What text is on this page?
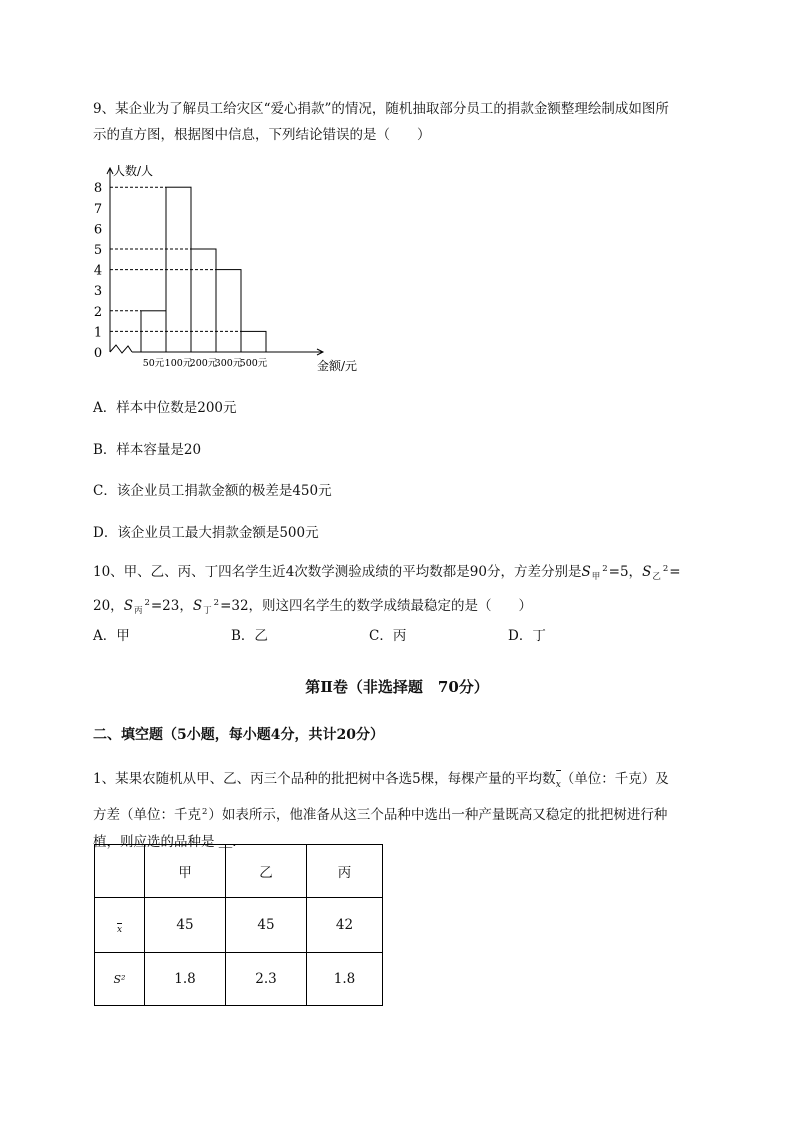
9、某企业为了解员工给灾区“爱心捐款”的情况，随机抽取部分员工的捐款金额整理绘制成如图所

示的直方图，根据图中信息，下列结论错误的是（　　）

0
1
2
3
4
5
6
7
8
人数/人
金额/元
50元 100元
200元
300元
500元

A．样本中位数是200元

B．样本容量是20

C．该企业员工捐款金额的极差是450元

D．该企业员工最大捐款金额是500元

10、甲、乙、丙、丁四名学生近4次数学测验成绩的平均数都是90分，方差分别是$S_甲^2=5$，$S_乙^2=$

20，$S_丙^2=23$，$S_丁^2=32$，则这四名学生的数学成绩最稳定的是（　　）

A．甲	B．乙	C．丙	D．丁
第Ⅱ卷（非选择题　70分）
二、填空题（5小题，每小题4分，共计20分）

1、某果农随机从甲、乙、丙三个品种的批把树中各选5棵，每棵产量的平均数x（单位：千克）及

方差（单位：千克$^2$）如表所示，他准备从这三个品种中选出一种产量既高又稳定的批把树进行种

植，则应选的品种是 ＿．

	甲	乙	丙
x	45	45	42
S²	1.8	2.3	1.8
